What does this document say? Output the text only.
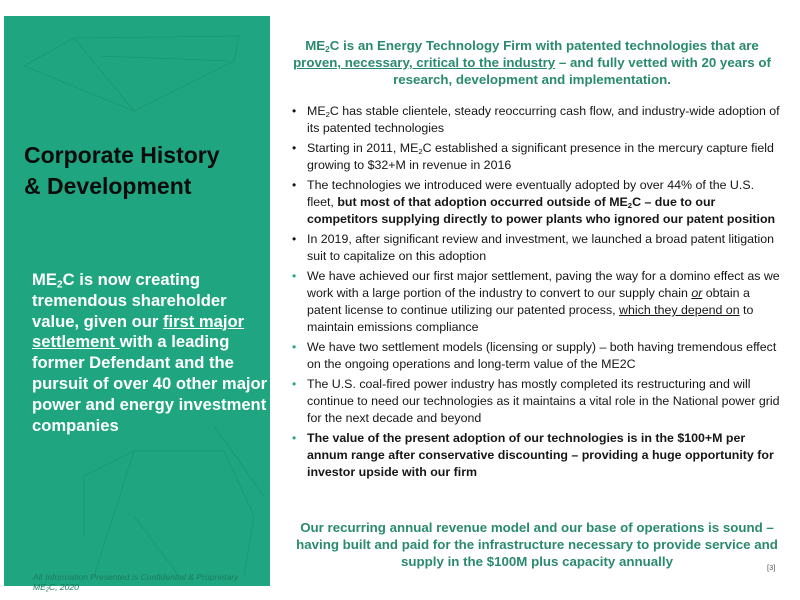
Corporate History
& Development

$ME_2C$ is now creating tremendous shareholder value, given our first major settlement with a leading former Defendant and the pursuit of over 40 other major power and energy investment companies

All Information Presented is Confidential & Proprietary
$ME_2C$, 2020

$ME_2C$ is an Energy Technology Firm with patented technologies that are proven, necessary, critical to the industry – and fully vetted with 20 years of research, development and implementation.

• $ME_2C$ has stable clientele, steady reoccurring cash flow, and industry-wide adoption of its patented technologies
• Starting in 2011, $ME_2C$ established a significant presence in the mercury capture field growing to $32+M in revenue in 2016
• The technologies we introduced were eventually adopted by over 44% of the U.S. fleet, but most of that adoption occurred outside of $ME_2C$ – due to our competitors supplying directly to power plants who ignored our patent position
• In 2019, after significant review and investment, we launched a broad patent litigation suit to capitalize on this adoption
• We have achieved our first major settlement, paving the way for a domino effect as we work with a large portion of the industry to convert to our supply chain or obtain a patent license to continue utilizing our patented process, which they depend on to maintain emissions compliance
• We have two settlement models (licensing or supply) – both having tremendous effect on the ongoing operations and long-term value of the ME2C
• The U.S. coal-fired power industry has mostly completed its restructuring and will continue to need our technologies as it maintains a vital role in the National power grid for the next decade and beyond
• The value of the present adoption of our technologies is in the $100+M per annum range after conservative discounting – providing a huge opportunity for investor upside with our firm

Our recurring annual revenue model and our base of operations is sound – having built and paid for the infrastructure necessary to provide service and supply in the $100M plus capacity annually	[3]
